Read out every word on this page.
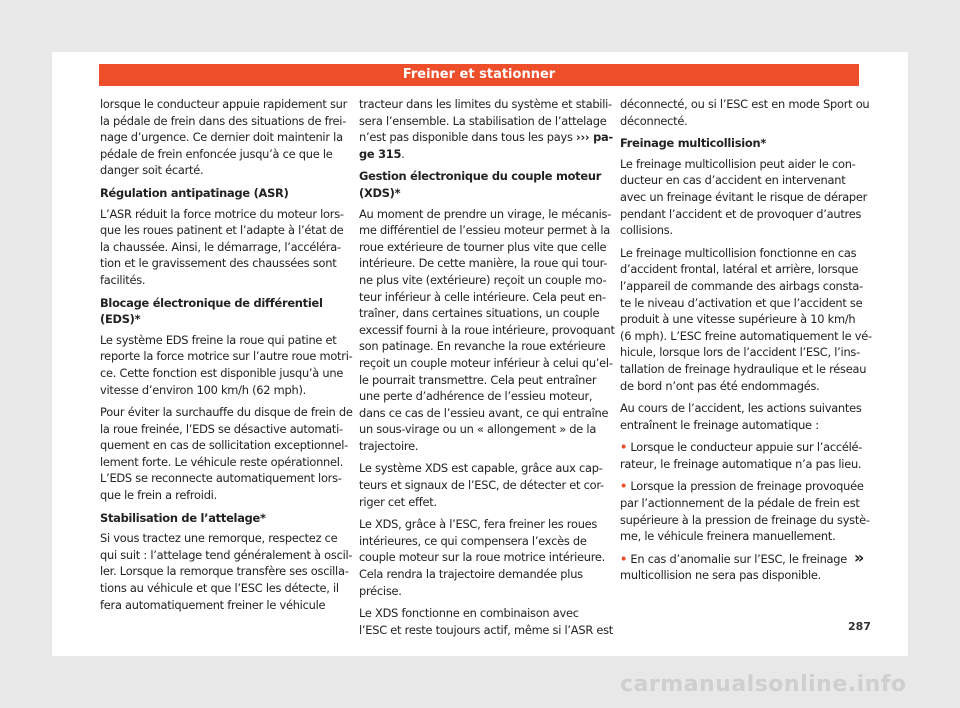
Freiner et stationner

lorsque le conducteur appuie rapidement sur
la pédale de frein dans des situations de frei-
nage d’urgence. Ce dernier doit maintenir la
pédale de frein enfoncée jusqu’à ce que le
danger soit écarté.

Régulation antipatinage (ASR)

L’ASR réduit la force motrice du moteur lors-
que les roues patinent et l’adapte à l’état de
la chaussée. Ainsi, le démarrage, l’accéléra-
tion et le gravissement des chaussées sont
facilités.

Blocage électronique de différentiel
(EDS)*

Le système EDS freine la roue qui patine et
reporte la force motrice sur l’autre roue motri-
ce. Cette fonction est disponible jusqu’à une
vitesse d’environ 100 km/h (62 mph).

Pour éviter la surchauffe du disque de frein de
la roue freinée, l’EDS se désactive automati-
quement en cas de sollicitation exceptionnel-
lement forte. Le véhicule reste opérationnel.
L’EDS se reconnecte automatiquement lors-
que le frein a refroidi.

Stabilisation de l’attelage*

Si vous tractez une remorque, respectez ce
qui suit : l’attelage tend généralement à oscil-
ler. Lorsque la remorque transfère ses oscilla-
tions au véhicule et que l’ESC les détecte, il
fera automatiquement freiner le véhicule

tracteur dans les limites du système et stabili-
sera l’ensemble. La stabilisation de l’attelage
n’est pas disponible dans tous les pays ››› pa-
ge 315.

Gestion électronique du couple moteur
(XDS)*

Au moment de prendre un virage, le mécanis-
me différentiel de l’essieu moteur permet à la
roue extérieure de tourner plus vite que celle
intérieure. De cette manière, la roue qui tour-
ne plus vite (extérieure) reçoit un couple mo-
teur inférieur à celle intérieure. Cela peut en-
traîner, dans certaines situations, un couple
excessif fourni à la roue intérieure, provoquant
son patinage. En revanche la roue extérieure
reçoit un couple moteur inférieur à celui qu’el-
le pourrait transmettre. Cela peut entraîner
une perte d’adhérence de l’essieu moteur,
dans ce cas de l’essieu avant, ce qui entraîne
un sous-virage ou un « allongement » de la
trajectoire.

Le système XDS est capable, grâce aux cap-
teurs et signaux de l’ESC, de détecter et cor-
riger cet effet.

Le XDS, grâce à l’ESC, fera freiner les roues
intérieures, ce qui compensera l’excès de
couple moteur sur la roue motrice intérieure.
Cela rendra la trajectoire demandée plus
précise.

Le XDS fonctionne en combinaison avec
l’ESC et reste toujours actif, même si l’ASR est

déconnecté, ou si l’ESC est en mode Sport ou
déconnecté.

Freinage multicollision*

Le freinage multicollision peut aider le con-
ducteur en cas d’accident en intervenant
avec un freinage évitant le risque de déraper
pendant l’accident et de provoquer d’autres
collisions.

Le freinage multicollision fonctionne en cas
d’accident frontal, latéral et arrière, lorsque
l’appareil de commande des airbags consta-
te le niveau d’activation et que l’accident se
produit à une vitesse supérieure à 10 km/h
(6 mph). L’ESC freine automatiquement le vé-
hicule, lorsque lors de l’accident l’ESC, l’ins-
tallation de freinage hydraulique et le réseau
de bord n’ont pas été endommagés.

Au cours de l’accident, les actions suivantes
entraînent le freinage automatique :

• Lorsque le conducteur appuie sur l’accélé-
rateur, le freinage automatique n’a pas lieu.

• Lorsque la pression de freinage provoquée
par l’actionnement de la pédale de frein est
supérieure à la pression de freinage du systè-
me, le véhicule freinera manuellement.

• En cas d’anomalie sur l’ESC, le freinage
multicollision ne sera pas disponible.

»
287
carmanualsonline.info
